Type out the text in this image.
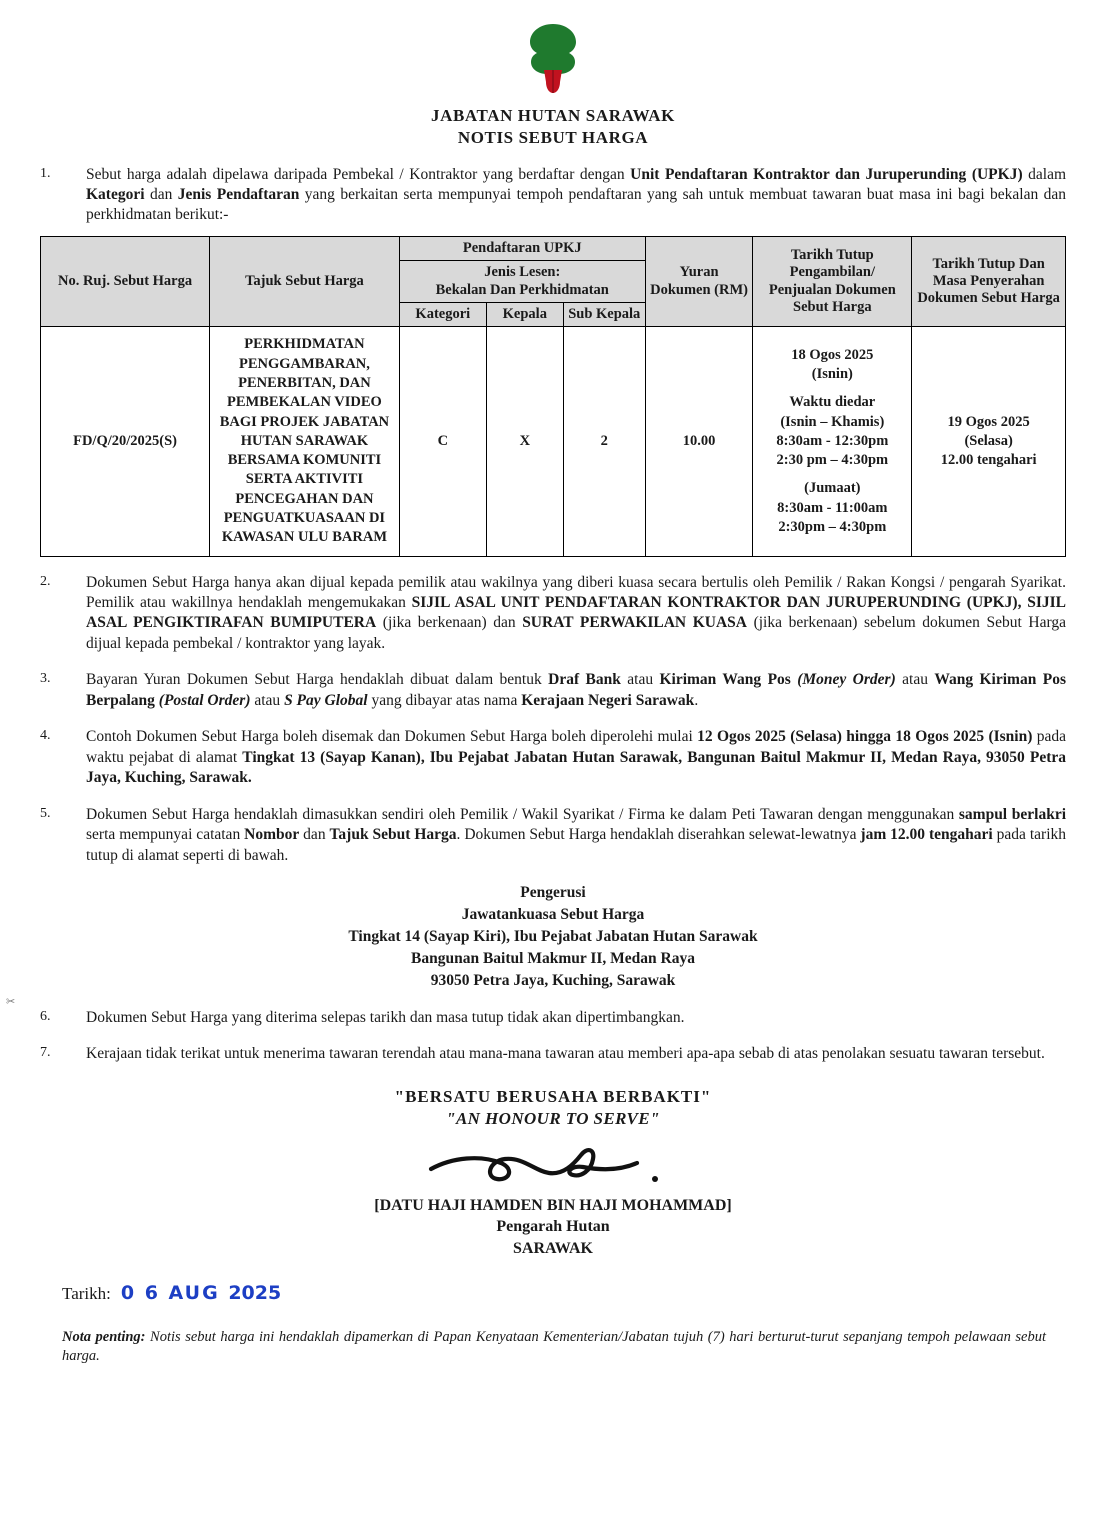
✂
JABATAN HUTAN SARAWAK
NOTIS SEBUT HARGA
1.	Sebut harga adalah dipelawa daripada Pembekal / Kontraktor yang berdaftar dengan Unit Pendaftaran Kontraktor dan Juruperunding (UPKJ) dalam Kategori dan Jenis Pendaftaran yang berkaitan serta mempunyai tempoh pendaftaran yang sah untuk membuat tawaran buat masa ini bagi bekalan dan perkhidmatan berikut:-
No. Ruj. Sebut Harga	Tajuk Sebut Harga	Pendaftaran UPKJ			Yuran Dokumen (RM)	Tarikh Tutup Pengambilan/ Penjualan Dokumen Sebut Harga	Tarikh Tutup Dan Masa Penyerahan Dokumen Sebut Harga
		Jenis Lesen:
Bekalan Dan Perkhidmatan					
		Kategori	Kepala	Sub Kepala			
FD/Q/20/2025(S)	PERKHIDMATAN PENGGAMBARAN, PENERBITAN, DAN PEMBEKALAN VIDEO BAGI PROJEK JABATAN HUTAN SARAWAK BERSAMA KOMUNITI SERTA AKTIVITI PENCEGAHAN DAN PENGUATKUASAAN DI KAWASAN ULU BARAM	C	X	2	10.00	18 Ogos 2025
(Isnin)
Waktu diedar
(Isnin – Khamis)
8:30am - 12:30pm
2:30 pm – 4:30pm
(Jumaat)
8:30am - 11:00am
2:30pm – 4:30pm	19 Ogos 2025
(Selasa)
12.00 tengahari
2.	Dokumen Sebut Harga hanya akan dijual kepada pemilik atau wakilnya yang diberi kuasa secara bertulis oleh Pemilik / Rakan Kongsi / pengarah Syarikat. Pemilik atau wakillnya hendaklah mengemukakan SIJIL ASAL UNIT PENDAFTARAN KONTRAKTOR DAN JURUPERUNDING (UPKJ), SIJIL ASAL PENGIKTIRAFAN BUMIPUTERA (jika berkenaan) dan SURAT PERWAKILAN KUASA (jika berkenaan) sebelum dokumen Sebut Harga dijual kepada pembekal / kontraktor yang layak.
3.	Bayaran Yuran Dokumen Sebut Harga hendaklah dibuat dalam bentuk Draf Bank atau Kiriman Wang Pos (Money Order) atau Wang Kiriman Pos Berpalang (Postal Order) atau S Pay Global yang dibayar atas nama Kerajaan Negeri Sarawak.
4.	Contoh Dokumen Sebut Harga boleh disemak dan Dokumen Sebut Harga boleh diperolehi mulai 12 Ogos 2025 (Selasa) hingga 18 Ogos 2025 (Isnin) pada waktu pejabat di alamat Tingkat 13 (Sayap Kanan), Ibu Pejabat Jabatan Hutan Sarawak, Bangunan Baitul Makmur II, Medan Raya, 93050 Petra Jaya, Kuching, Sarawak.
5.	Dokumen Sebut Harga hendaklah dimasukkan sendiri oleh Pemilik / Wakil Syarikat / Firma ke dalam Peti Tawaran dengan menggunakan sampul berlakri serta mempunyai catatan Nombor dan Tajuk Sebut Harga. Dokumen Sebut Harga hendaklah diserahkan selewat-lewatnya jam 12.00 tengahari pada tarikh tutup di alamat seperti di bawah.
Pengerusi
Jawatankuasa Sebut Harga
Tingkat 14 (Sayap Kiri), Ibu Pejabat Jabatan Hutan Sarawak
Bangunan Baitul Makmur II, Medan Raya
93050 Petra Jaya, Kuching, Sarawak
6.	Dokumen Sebut Harga yang diterima selepas tarikh dan masa tutup tidak akan dipertimbangkan.
7.	Kerajaan tidak terikat untuk menerima tawaran terendah atau mana-mana tawaran atau memberi apa-apa sebab di atas penolakan sesuatu tawaran tersebut.
"BERSATU BERUSAHA BERBAKTI"
"AN HONOUR TO SERVE"
[DATU HAJI HAMDEN BIN HAJI MOHAMMAD]
Pengarah Hutan
SARAWAK
Tarikh: 0 6 AUG 2025
Nota penting: Notis sebut harga ini hendaklah dipamerkan di Papan Kenyataan Kementerian/Jabatan tujuh (7) hari berturut-turut sepanjang tempoh pelawaan sebut harga.
